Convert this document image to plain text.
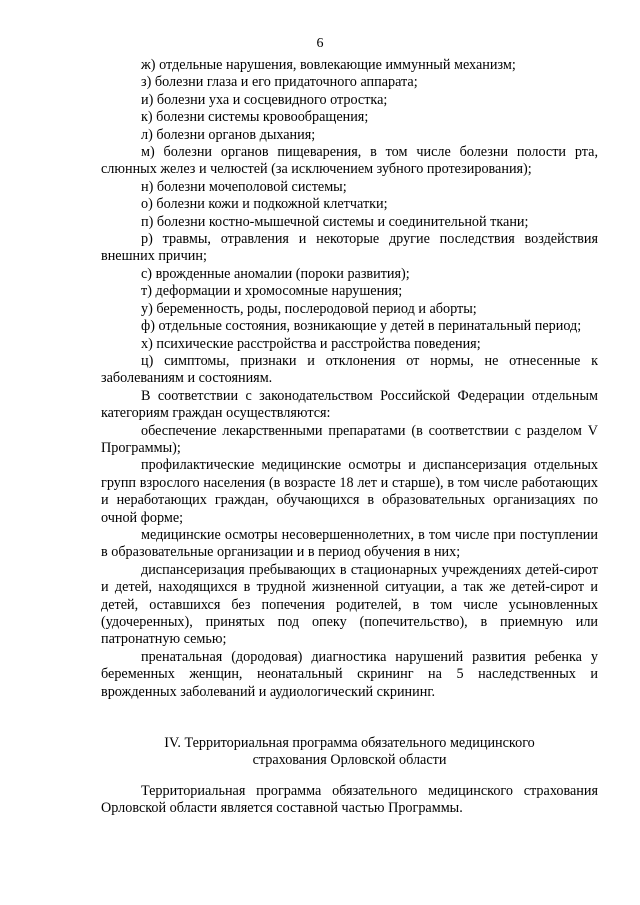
6

ж) отдельные нарушения, вовлекающие иммунный механизм;

з) болезни глаза и его придаточного аппарата;

и) болезни уха и сосцевидного отростка;

к) болезни системы кровообращения;

л) болезни органов дыхания;

м) болезни органов пищеварения, в том числе болезни полости рта, слюнных желез и челюстей (за исключением зубного протезирования);

н) болезни мочеполовой системы;

о) болезни кожи и подкожной клетчатки;

п) болезни костно-мышечной системы и соединительной ткани;

р) травмы, отравления и некоторые другие последствия воздействия внешних причин;

с) врожденные аномалии (пороки развития);

т) деформации и хромосомные нарушения;

у) беременность, роды, послеродовой период и аборты;

ф) отдельные состояния, возникающие у детей в перинатальный период;

х) психические расстройства и расстройства поведения;

ц) симптомы, признаки и отклонения от нормы, не отнесенные к заболеваниям и состояниям.

В соответствии с законодательством Российской Федерации отдельным категориям граждан осуществляются:

обеспечение лекарственными препаратами (в соответствии с разделом V Программы);

профилактические медицинские осмотры и диспансеризация отдельных групп взрослого населения (в возрасте 18 лет и старше), в том числе работающих и неработающих граждан, обучающихся в образовательных организациях по очной форме;

медицинские осмотры несовершеннолетних, в том числе при поступлении в образовательные организации и в период обучения в них;

диспансеризация пребывающих в стационарных учреждениях детей-сирот и детей, находящихся в трудной жизненной ситуации, а так же детей-сирот и детей, оставшихся без попечения родителей, в том числе усыновленных (удочеренных), принятых под опеку (попечительство), в приемную или патронатную семью;

пренатальная (дородовая) диагностика нарушений развития ребенка у беременных женщин, неонатальный скрининг на 5 наследственных и врожденных заболеваний и аудиологический скрининг.

IV. Территориальная программа обязательного медицинского
страхования Орловской области

Территориальная программа обязательного медицинского страхования Орловской области является составной частью Программы.
